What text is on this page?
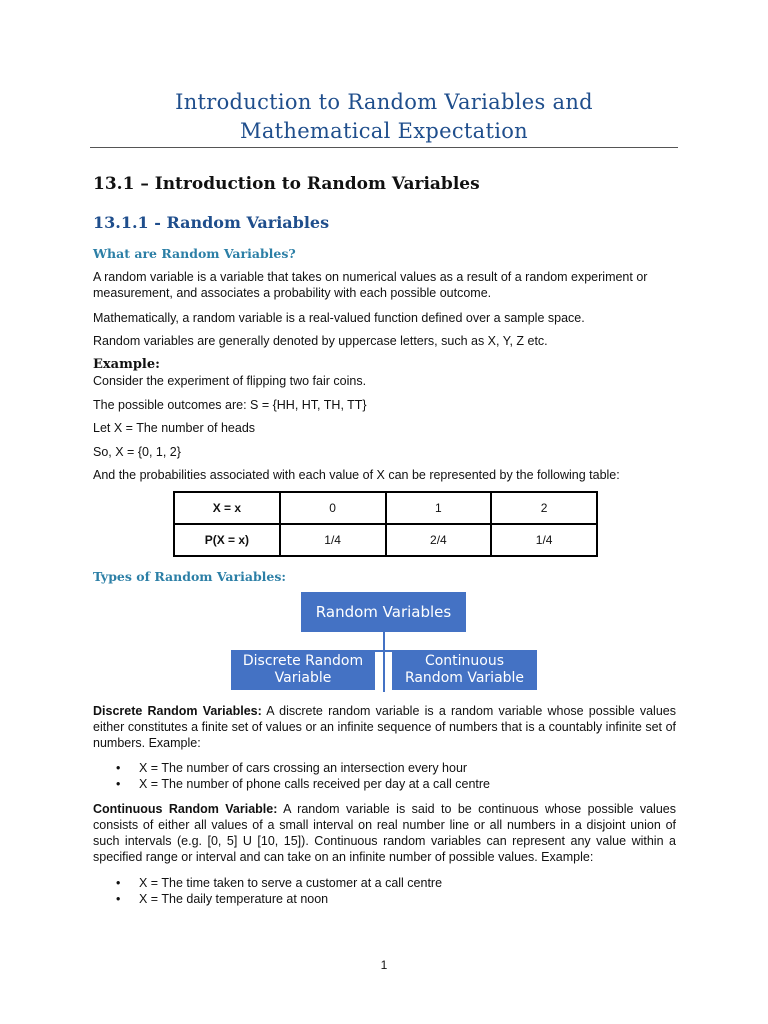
Introduction to Random Variables and
Mathematical Expectation
13.1 – Introduction to Random Variables
13.1.1 - Random Variables
What are Random Variables?

A random variable is a variable that takes on numerical values as a result of a random experiment or measurement, and associates a probability with each possible outcome.

Mathematically, a random variable is a real-valued function defined over a sample space.

Random variables are generally denoted by uppercase letters, such as X, Y, Z etc.

Example:

Consider the experiment of flipping two fair coins.

The possible outcomes are: S = {HH, HT, TH, TT}

Let X = The number of heads

So, X = {0, 1, 2}

And the probabilities associated with each value of X can be represented by the following table:

X = x	0	1	2
P(X = x)	1/4	2/4	1/4
Types of Random Variables:
Random Variables
Discrete Random
Variable
Continuous
Random Variable

Discrete Random Variables: A discrete random variable is a random variable whose possible values either constitutes a finite set of values or an infinite sequence of numbers that is a countably infinite set of numbers. Example:

• X = The number of cars crossing an intersection every hour
• X = The number of phone calls received per day at a call centre

Continuous Random Variable: A random variable is said to be continuous whose possible values consists of either all values of a small interval on real number line or all numbers in a disjoint union of such intervals (e.g. [0, 5] U [10, 15]). Continuous random variables can represent any value within a specified range or interval and can take on an infinite number of possible values. Example:

• X = The time taken to serve a customer at a call centre
• X = The daily temperature at noon
1
